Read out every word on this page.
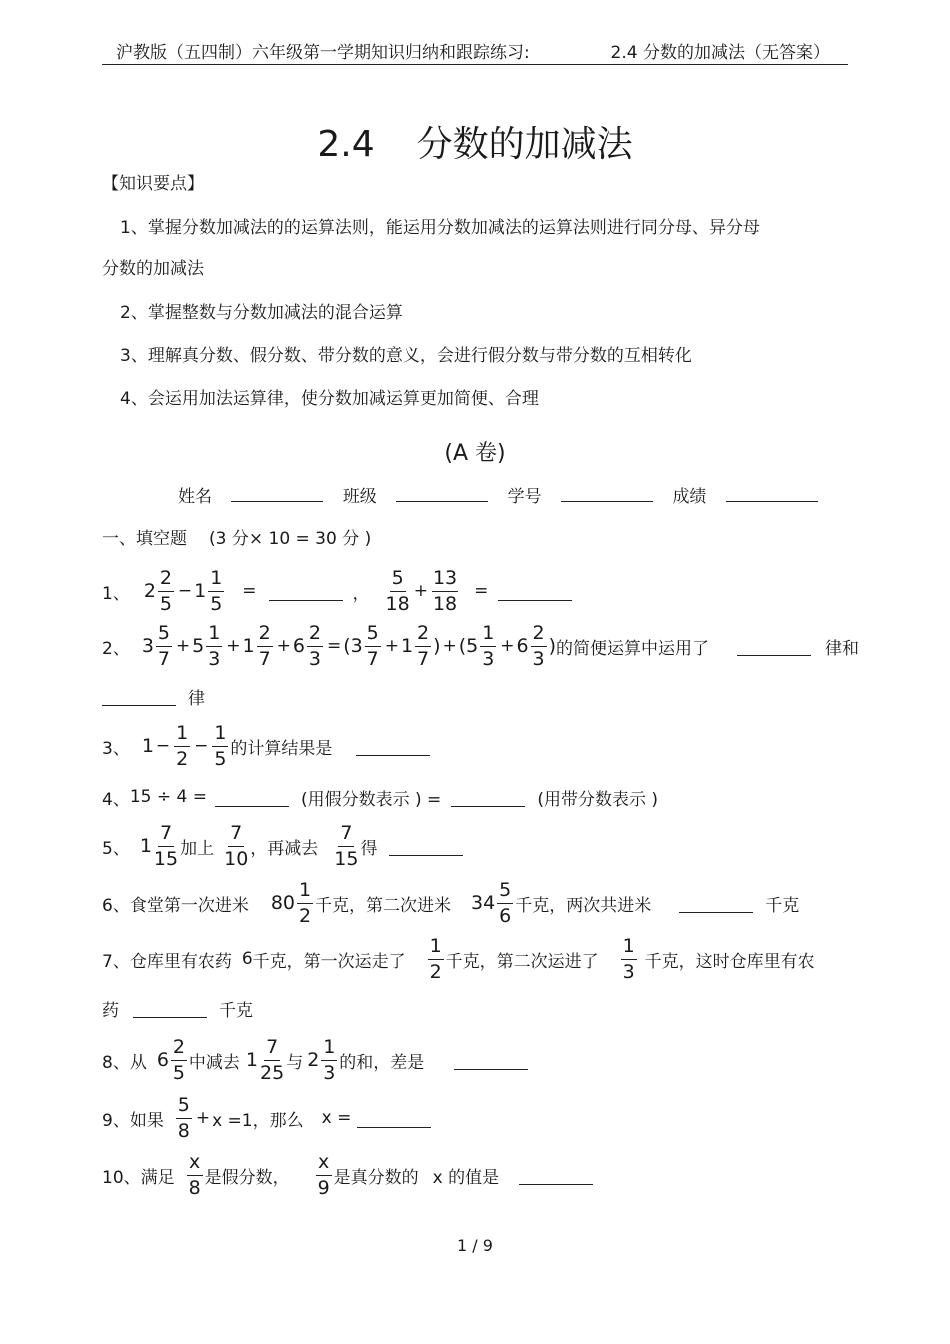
沪教版（五四制）六年级第一学期知识归纳和跟踪练习:	2.4 分数的加减法（无答案）
2.4 分数的加减法
【知识要点】
1、掌握分数加减法的的运算法则，能运用分数加减法的运算法则进行同分母、异分母
分数的加减法
2、掌握整数与分数加减法的混合运算
3、理解真分数、假分数、带分数的意义，会进行假分数与带分数的互相转化
4、会运用加法运算律，使分数加减运算更加简便、合理
(A 卷)
姓名	班级	学号	成绩
一、填空题 (3 分× 10 = 30 分 )
1、 2
2
5
− 1
1
5
=	，
5
18
+ $\frac{13}{18}$ =
2、 3
5
7
+ 5
1
3
+ 1
2
7
+ $6 \frac{2}{3} = (3$
5
7
+ 1
2
7
) + (5
1
3
+ 6
2
3
) 的简便运算中运用了	律和
律
3、 $1 - \frac{1}{2} - \frac{1}{5}$ 的计算结果是
4、 15 ÷ 4 =	(用假分数表示 ) =	(用带分数表示 )
5、 1
7
15 加上
7
10 ，再减去
7
15 得
6、 食堂第一次进米 80
1
2 千克，第二次进米 34
5
6 千克，两次共进米	千克
7、 仓库里有农药 6 千克，第一次运走了
1
2 千克，第二次运进了
1
3 千克，这时仓库里有农
药	千克
8、 从 6
2
5 中减去 1
7
25 与 2
1
3 的和，差是
9、 如果
5
8
+ x =1，那么 x =
10、 满足
x
8 是假分数，
x
9 是真分数的 x 的值是
1 / 9
